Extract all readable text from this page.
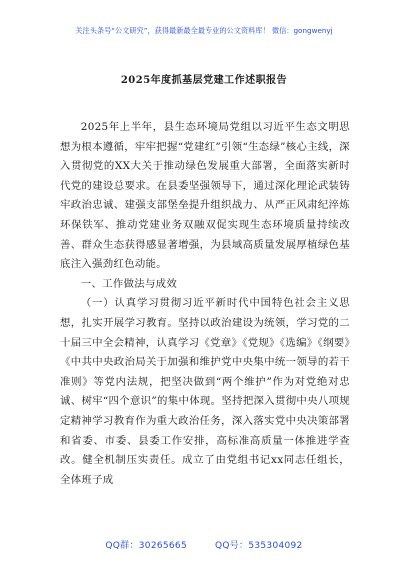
关注头条号“公文研究”，获得最新最全最专业的公文资料库！ 微信：gongwenyj
2025年度抓基层党建工作述职报告

2025年上半年，县生态环境局党组以习近平生态文明思想为根本遵循，牢牢把握“党建红”引领“生态绿”核心主线，深入贯彻党的XX大关于推动绿色发展重大部署，全面落实新时代党的建设总要求。在县委坚强领导下，通过深化理论武装铸牢政治忠诚、建强支部堡垒提升组织战力、从严正风肃纪淬炼环保铁军、推动党建业务双融双促实现生态环境质量持续改善、群众生态获得感显著增强，为县域高质量发展厚植绿色基底注入强劲红色动能。

一、工作做法与成效

（一）认真学习贯彻习近平新时代中国特色社会主义思想，扎实开展学习教育。坚持以政治建设为统领，学习党的二十届三中全会精神，认真学习《党章》《党规》《选编》《纲要》《中共中央政治局关于加强和维护党中央集中统一领导的若干准则》等党内法规，把坚决做到“两个维护”作为对党绝对忠诚、树牢“四个意识”的集中体现。坚持把深入贯彻中央八项规定精神学习教育作为重大政治任务，深入落实党中央决策部署和省委、市委、县委工作安排，高标准高质量一体推进学查改。健全机制压实责任。成立了由党组书记xx同志任组长，全体班子成

QQ群：30265665	QQ号：535304092
